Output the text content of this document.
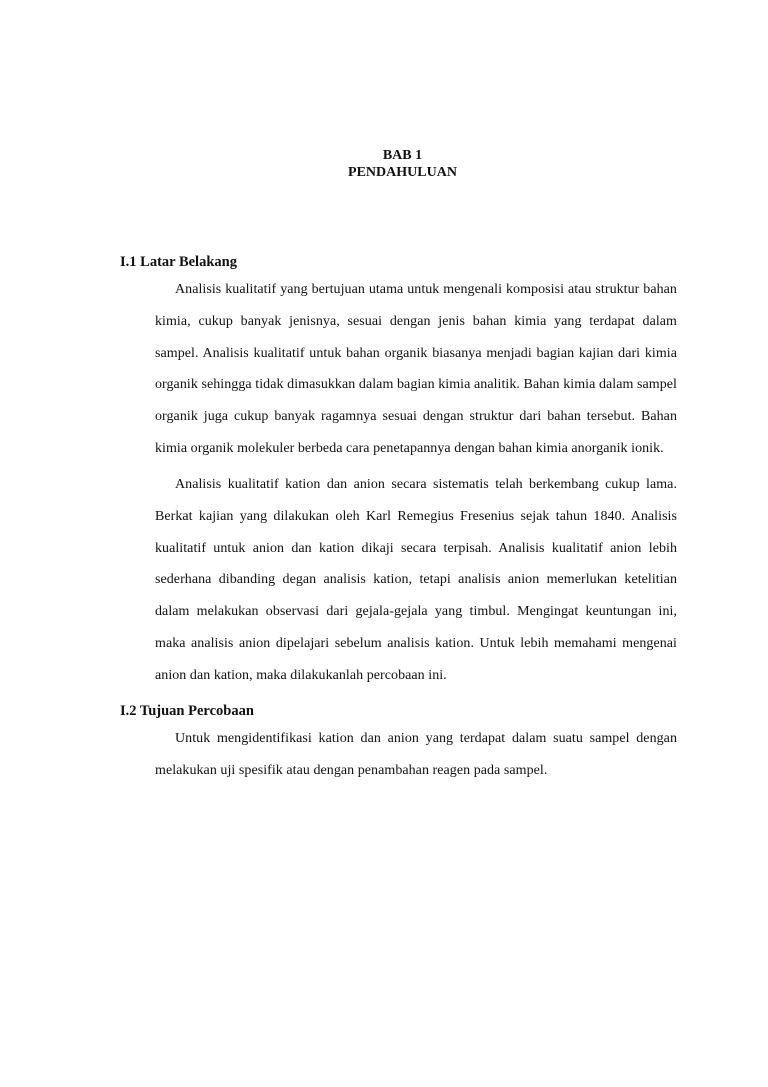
BAB 1
PENDAHULUAN
I.1 Latar Belakang

Analisis kualitatif yang bertujuan utama untuk mengenali komposisi atau struktur bahan kimia, cukup banyak jenisnya, sesuai dengan jenis bahan kimia yang terdapat dalam sampel. Analisis kualitatif untuk bahan organik biasanya menjadi bagian kajian dari kimia organik sehingga tidak dimasukkan dalam bagian kimia analitik. Bahan kimia dalam sampel organik juga cukup banyak ragamnya sesuai dengan struktur dari bahan tersebut. Bahan kimia organik molekuler berbeda cara penetapannya dengan bahan kimia anorganik ionik.

Analisis kualitatif kation dan anion secara sistematis telah berkembang cukup lama. Berkat kajian yang dilakukan oleh Karl Remegius Fresenius sejak tahun 1840. Analisis kualitatif untuk anion dan kation dikaji secara terpisah. Analisis kualitatif anion lebih sederhana dibanding degan analisis kation, tetapi analisis anion memerlukan ketelitian dalam melakukan observasi dari gejala-gejala yang timbul. Mengingat keuntungan ini, maka analisis anion dipelajari sebelum analisis kation. Untuk lebih memahami mengenai anion dan kation, maka dilakukanlah percobaan ini.

I.2 Tujuan Percobaan

Untuk mengidentifikasi kation dan anion yang terdapat dalam suatu sampel dengan melakukan uji spesifik atau dengan penambahan reagen pada sampel.
